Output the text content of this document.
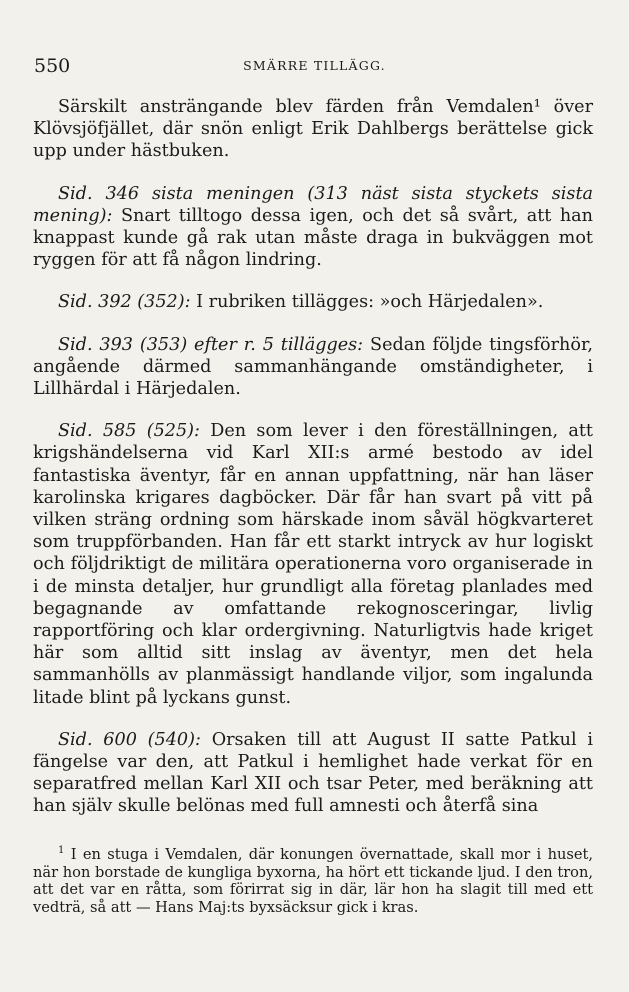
550	SMÄRRE TILLÄGG.

Särskilt ansträngande blev färden från Vemdalen¹ över Klövsjöfjället, där snön enligt Erik Dahlbergs berättelse gick upp under hästbuken.

Sid. 346 sista meningen (313 näst sista styckets sista mening): Snart tilltogo dessa igen, och det så svårt, att han knappast kunde gå rak utan måste draga in bukväggen mot ryggen för att få någon lindring.

Sid. 392 (352): I rubriken tillägges: »och Härjedalen».

Sid. 393 (353) efter r. 5 tillägges: Sedan följde tingsförhör, angående därmed sammanhängande omständigheter, i Lillhärdal i Härjedalen.

Sid. 585 (525): Den som lever i den föreställningen, att krigshändelserna vid Karl XII:s armé bestodo av idel fantastiska äventyr, får en annan uppfattning, när han läser karolinska krigares dagböcker. Där får han svart på vitt på vilken sträng ordning som härskade inom såväl högkvarteret som truppförbanden. Han får ett starkt intryck av hur logiskt och följdriktigt de militära operationerna voro organiserade in i de minsta detaljer, hur grundligt alla företag planlades med begagnande av omfattande rekognosceringar, livlig rapportföring och klar ordergivning. Naturligtvis hade kriget här som alltid sitt inslag av äventyr, men det hela sammanhölls av planmässigt handlande viljor, som ingalunda litade blint på lyckans gunst.

Sid. 600 (540): Orsaken till att August II satte Patkul i fängelse var den, att Patkul i hemlighet hade verkat för en separatfred mellan Karl XII och tsar Peter, med beräkning att han själv skulle belönas med full amnesti och återfå sina

$^1$ I en stuga i Vemdalen, där konungen övernattade, skall mor i huset, när hon borstade de kungliga byxorna, ha hört ett tickande ljud. I den tron, att det var en råtta, som förirrat sig in där, lär hon ha slagit till med ett vedträ, så att — Hans Maj:ts byxsäcksur gick i kras.
